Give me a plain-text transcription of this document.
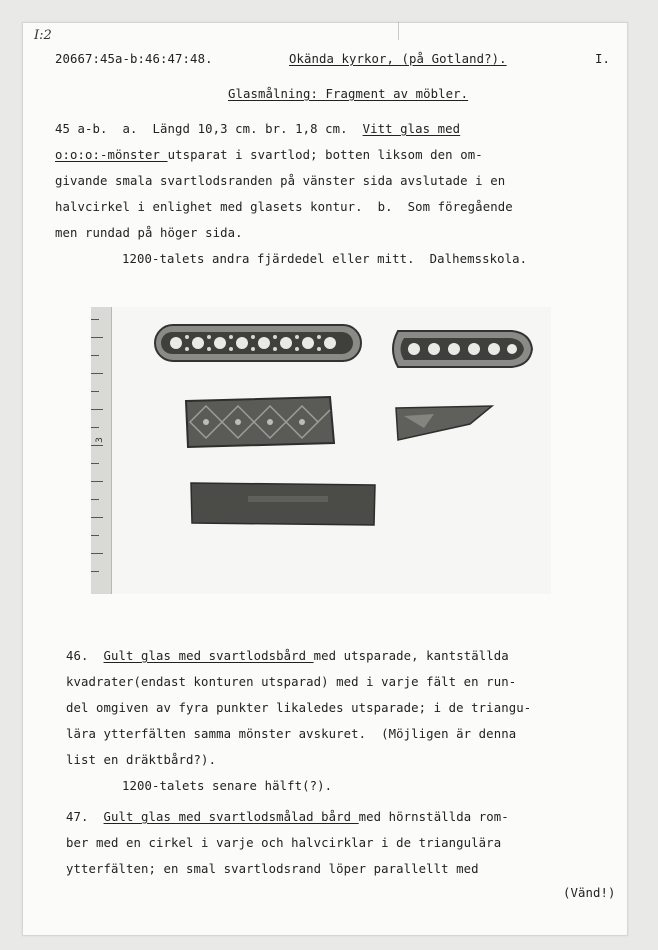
I:2
20667:45a-b:46:47:48.	Okända kyrkor, (på Gotland?).	I.
Glasmålning: Fragment av möbler.
45 a-b.  a.  Längd 10,3 cm. br. 1,8 cm.  Vitt glas med
o:o:o:-mönster utsparat i svartlod; botten liksom den om-
givande smala svartlodsranden på vänster sida avslutade i en
halvcirkel i enlighet med glasets kontur.  b.  Som föregående
men rundad på höger sida.
1200-talets andra fjärdedel eller mitt.  Dalhemsskola.
3
46.  Gult glas med svartlodsbård med utsparade, kantställda
kvadrater(endast konturen utsparad) med i varje fält en run-
del omgiven av fyra punkter likaledes utsparade; i de triangu-
lära ytterfälten samma mönster avskuret.  (Möjligen är denna
list en dräktbård?).
1200-talets senare hälft(?).
47.  Gult glas med svartlodsmålad bård med hörnställda rom-
ber med en cirkel i varje och halvcirklar i de triangulära
ytterfälten; en smal svartlodsrand löper parallellt med
(Vänd!)
